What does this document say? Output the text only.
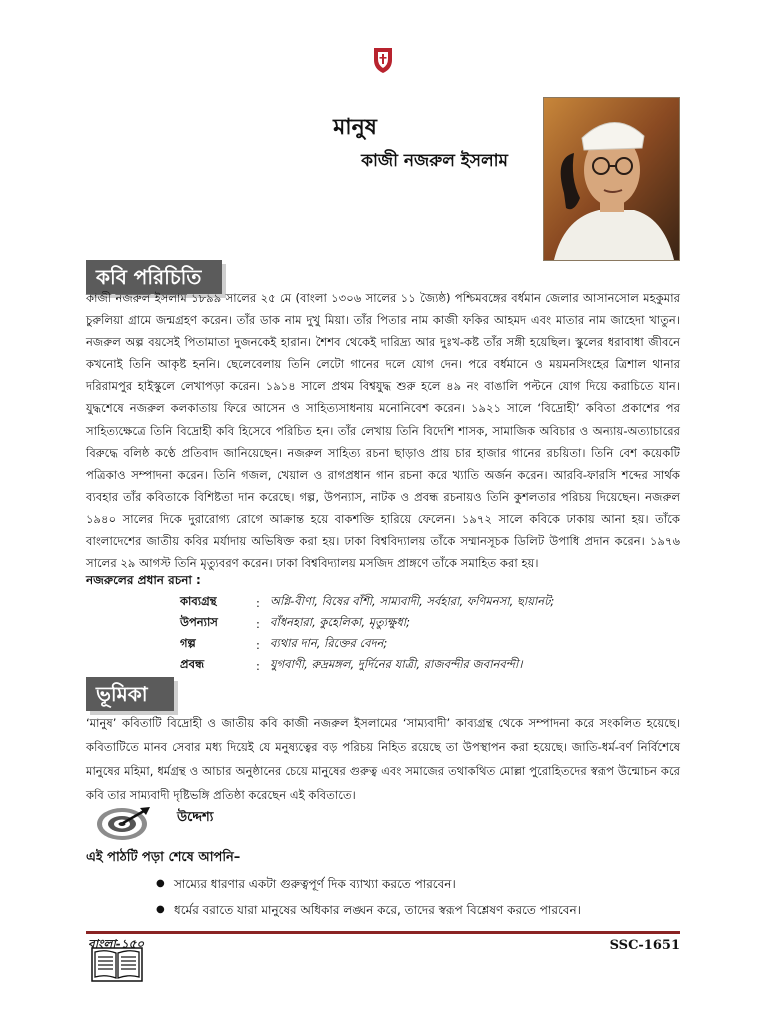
মানুষ
কাজী নজরুল ইসলাম
কবি পরিচিতি

কাজী নজরুল ইসলাম ১৮৯৯ সালের ২৫ মে (বাংলা ১৩০৬ সালের ১১ জ্যৈষ্ঠ) পশ্চিমবঙ্গের বর্ধমান জেলার আসানসোল মহকুমার চুরুলিয়া গ্রামে জন্মগ্রহণ করেন। তাঁর ডাক নাম দুখু মিয়া। তাঁর পিতার নাম কাজী ফকির আহমদ এবং মাতার নাম জাহেদা খাতুন। নজরুল অল্প বয়সেই পিতামাতা দুজনকেই হারান। শৈশব থেকেই দারিদ্র্য আর দুঃখ-কষ্ট তাঁর সঙ্গী হয়েছিল। স্কুলের ধরাবাধা জীবনে কখনোই তিনি আকৃষ্ট হননি। ছেলেবেলায় তিনি লেটো গানের দলে যোগ দেন। পরে বর্ধমানে ও ময়মনসিংহের ত্রিশাল থানার দরিরামপুর হাইস্কুলে লেখাপড়া করেন। ১৯১৪ সালে প্রথম বিশ্বযুদ্ধ শুরু হলে ৪৯ নং বাঙালি পল্টনে যোগ দিয়ে করাচিতে যান। যুদ্ধশেষে নজরুল কলকাতায় ফিরে আসেন ও সাহিত্যসাধনায় মনোনিবেশ করেন। ১৯২১ সালে ‘বিদ্রোহী’ কবিতা প্রকাশের পর সাহিত্যক্ষেত্রে তিনি বিদ্রোহী কবি হিসেবে পরিচিত হন। তাঁর লেখায় তিনি বিদেশি শাসক, সামাজিক অবিচার ও অন্যায়-অত্যাচারের বিরুদ্ধে বলিষ্ঠ কণ্ঠে প্রতিবাদ জানিয়েছেন। নজরুল সাহিত্য রচনা ছাড়াও প্রায় চার হাজার গানের রচয়িতা। তিনি বেশ কয়েকটি পত্রিকাও সম্পাদনা করেন। তিনি গজল, খেয়াল ও রাগপ্রধান গান রচনা করে খ্যাতি অর্জন করেন। আরবি-ফারসি শব্দের সার্থক ব্যবহার তাঁর কবিতাকে বিশিষ্টতা দান করেছে। গল্প, উপন্যাস, নাটক ও প্রবন্ধ রচনায়ও তিনি কুশলতার পরিচয় দিয়েছেন। নজরুল ১৯৪০ সালের দিকে দুরারোগ্য রোগে আক্রান্ত হয়ে বাকশক্তি হারিয়ে ফেলেন। ১৯৭২ সালে কবিকে ঢাকায় আনা হয়। তাঁকে বাংলাদেশের জাতীয় কবির মর্যাদায় অভিষিক্ত করা হয়। ঢাকা বিশ্ববিদ্যালয় তাঁকে সম্মানসূচক ডিলিট উপাধি প্রদান করেন। ১৯৭৬ সালের ২৯ আগস্ট তিনি মৃত্যুবরণ করেন। ঢাকা বিশ্ববিদ্যালয় মসজিদ প্রাঙ্গণে তাঁকে সমাহিত করা হয়।

নজরুলের প্রধান রচনা :

কাব্যগ্রন্থ	: অগ্নি-বীণা, বিষের বাঁশী, সাম্যবাদী, সর্বহারা, ফণিমনসা, ছায়ানট;
উপন্যাস	: বাঁধনহারা, কুহেলিকা, মৃত্যুক্ষুধা;
গল্প	: ব্যথার দান, রিক্তের বেদন;
প্রবন্ধ	: যুগবাণী, রুদ্রমঙ্গল, দুর্দিনের যাত্রী, রাজবন্দীর জবানবন্দী।
ভূমিকা

‘মানুষ’ কবিতাটি বিদ্রোহী ও জাতীয় কবি কাজী নজরুল ইসলামের ‘সাম্যবাদী’ কাব্যগ্রন্থ থেকে সম্পাদনা করে সংকলিত হয়েছে। কবিতাটিতে মানব সেবার মধ্য দিয়েই যে মনুষ্যত্বের বড় পরিচয় নিহিত রয়েছে তা উপস্থাপন করা হয়েছে। জাতি-ধর্ম-বর্ণ নির্বিশেষে মানুষের মহিমা, ধর্মগ্রন্থ ও আচার অনুষ্ঠানের চেয়ে মানুষের গুরুত্ব এবং সমাজের তথাকথিত মোল্লা পুরোহিতদের স্বরূপ উন্মোচন করে কবি তার সাম্যবাদী দৃষ্টিভঙ্গি প্রতিষ্ঠা করেছেন এই কবিতাতে।

উদ্দেশ্য

এই পাঠটি পড়া শেষে আপনি–

● সাম্যের ধারণার একটা গুরুত্বপূর্ণ দিক ব্যাখ্যা করতে পারবেন।
● ধর্মের বরাতে যারা মানুষের অধিকার লঙ্ঘন করে, তাদের স্বরূপ বিশ্লেষণ করতে পারবেন।

বাংলা-১৫০	SSC-1651
